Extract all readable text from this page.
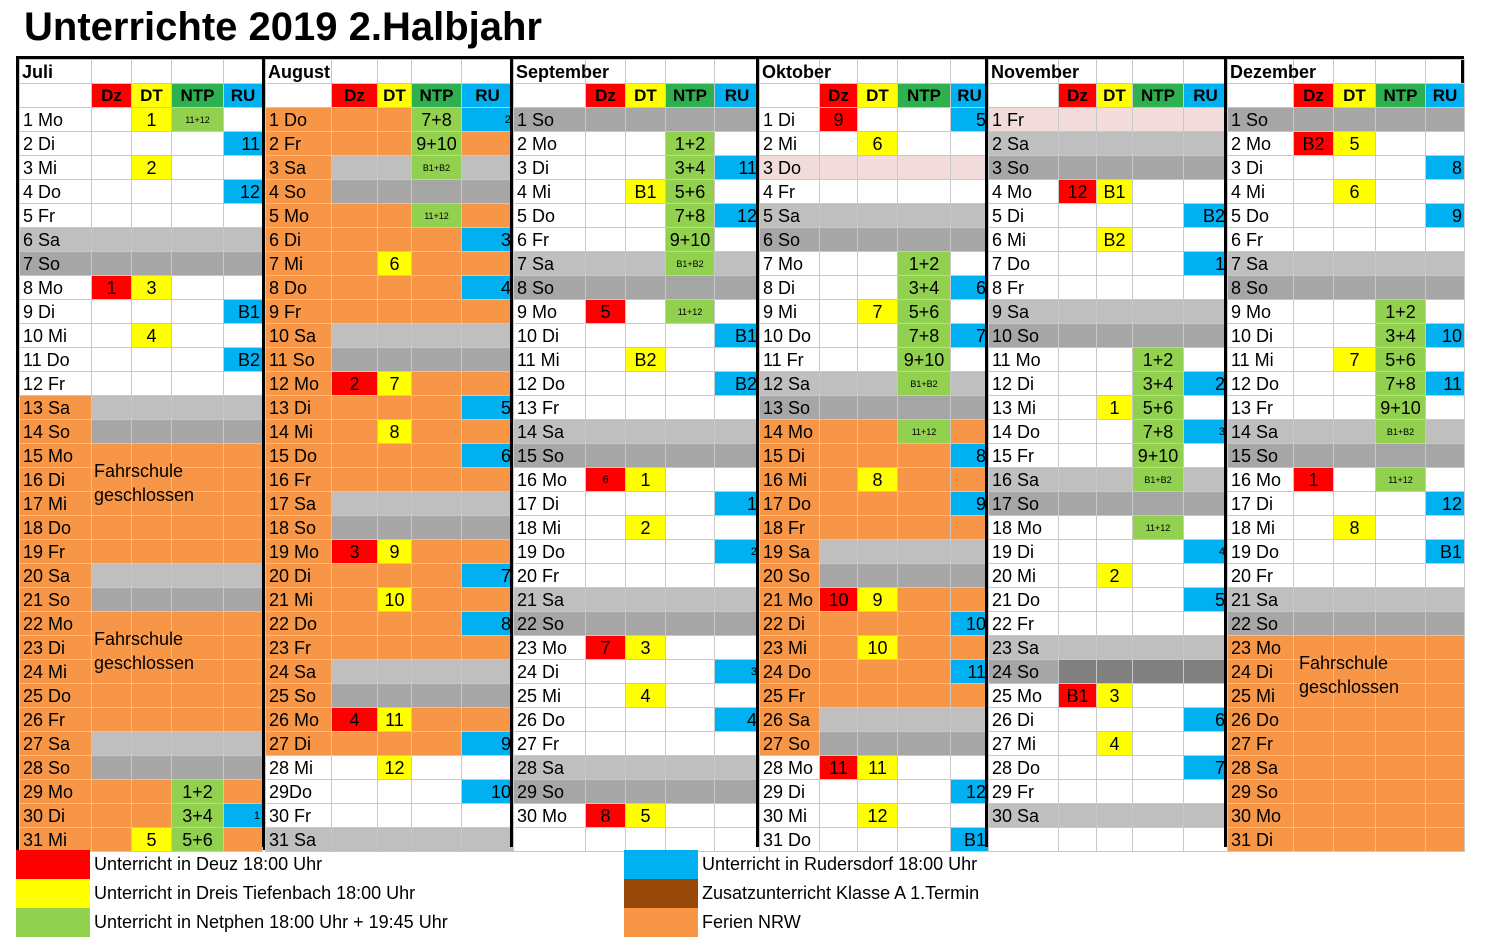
Unterrichte 2019 2.Halbjahr
Juli				
	Dz	DT	NTP	RU
1 Mo		1	11+12	
2 Di				11
3 Mi		2		
4 Do				12
5 Fr				
6 Sa				
7 So				
8 Mo	1	3		
9 Di				B1
10 Mi		4		
11 Do				B2
12 Fr				
13 Sa				
14 So				
15 Mo				
16 Di				
17 Mi				
18 Do				
19 Fr				
20 Sa				
21 So				
22 Mo				
23 Di				
24 Mi				
25 Do				
26 Fr				
27 Sa				
28 So				
29 Mo			1+2	
30 Di			3+4	1
31 Mi		5	5+6	
Fahrschule
geschlossen
Fahrschule
geschlossen
August				
	Dz	DT	NTP	RU
1 Do			7+8	2
2 Fr			9+10	
3 Sa			B1+B2	
4 So				
5 Mo			11+12	
6 Di				3
7 Mi		6		
8 Do				4
9 Fr				
10 Sa				
11 So				
12 Mo	2	7		
13 Di				5
14 Mi		8		
15 Do				6
16 Fr				
17 Sa				
18 So				
19 Mo	3	9		
20 Di				7
21 Mi		10		
22 Do				8
23 Fr				
24 Sa				
25 So				
26 Mo	4	11		
27 Di				9
28 Mi		12		
29Do				10
30 Fr				
31 Sa				
September				
	Dz	DT	NTP	RU
1 So				
2 Mo			1+2	
3 Di			3+4	11
4 Mi		B1	5+6	
5 Do			7+8	12
6 Fr			9+10	
7 Sa			B1+B2	
8 So				
9 Mo	5		11+12	
10 Di				B1
11 Mi		B2		
12 Do				B2
13 Fr				
14 Sa				
15 So				
16 Mo	6	1		
17 Di				1
18 Mi		2		
19 Do				2
20 Fr				
21 Sa				
22 So				
23 Mo	7	3		
24 Di				3
25 Mi		4		
26 Do				4
27 Fr				
28 Sa				
29 So				
30 Mo	8	5		

Oktober				
	Dz	DT	NTP	RU
1 Di	9			5
2 Mi		6		
3 Do				
4 Fr				
5 Sa				
6 So				
7 Mo			1+2	
8 Di			3+4	6
9 Mi		7	5+6	
10 Do			7+8	7
11 Fr			9+10	
12 Sa			B1+B2	
13 So				
14 Mo			11+12	
15 Di				8
16 Mi		8		
17 Do				9
18 Fr				
19 Sa				
20 So				
21 Mo	10	9		
22 Di				10
23 Mi		10		
24 Do				11
25 Fr				
26 Sa				
27 So				
28 Mo	11	11		
29 Di				12
30 Mi		12		
31 Do				B1
November				
	Dz	DT	NTP	RU
1 Fr				
2 Sa				
3 So				
4 Mo	12	B1		
5 Di				B2
6 Mi		B2		
7 Do				1
8 Fr				
9 Sa				
10 So				
11 Mo			1+2	
12 Di			3+4	2
13 Mi		1	5+6	
14 Do			7+8	3
15 Fr			9+10	
16 Sa			B1+B2	
17 So				
18 Mo			11+12	
19 Di				4
20 Mi		2		
21 Do				5
22 Fr				
23 Sa				
24 So				
25 Mo	B1	3		
26 Di				6
27 Mi		4		
28 Do				7
29 Fr				
30 Sa				

Dezember				
	Dz	DT	NTP	RU
1 So				
2 Mo	B2	5		
3 Di				8
4 Mi		6		
5 Do				9
6 Fr				
7 Sa				
8 So				
9 Mo			1+2	
10 Di			3+4	10
11 Mi		7	5+6	
12 Do			7+8	11
13 Fr			9+10	
14 Sa			B1+B2	
15 So				
16 Mo	1		11+12	
17 Di				12
18 Mi		8		
19 Do				B1
20 Fr				
21 Sa				
22 So				
23 Mo				
24 Di				
25 Mi				
26 Do				
27 Fr				
28 Sa				
29 So				
30 Mo				
31 Di				
Fahrschule
geschlossen
Unterricht in Deuz 18:00 Uhr
Unterricht in Dreis Tiefenbach 18:00 Uhr
Unterricht in Netphen 18:00 Uhr + 19:45 Uhr
Unterricht in Rudersdorf 18:00 Uhr
Zusatzunterricht Klasse A 1.Termin
Ferien NRW
